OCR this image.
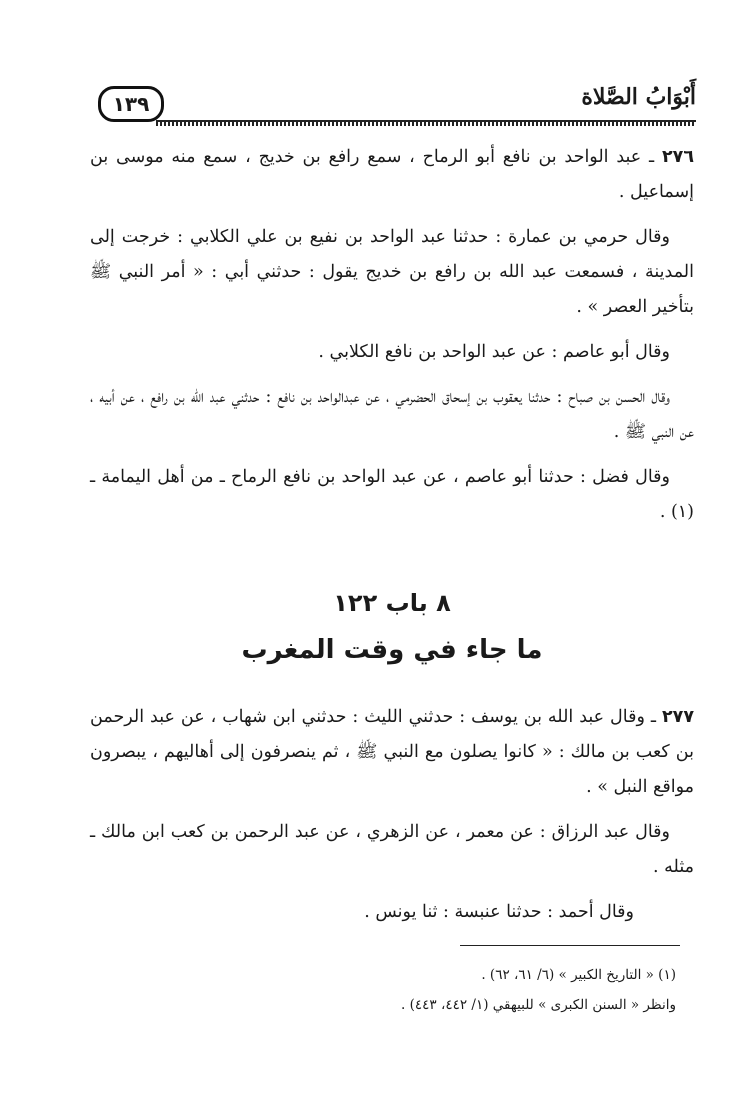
١٣٩	أَبْوَابُ الصَّلاة

٢٧٦ ـ عبد الواحد بن نافع أبو الرماح ، سمع رافع بن خديج ، سمع منه موسى بن إسماعيل .

وقال حرمي بن عمارة : حدثنا عبد الواحد بن نفيع بن علي الكلابي : خرجت إلى المدينة ، فسمعت عبد الله بن رافع بن خديج يقول : حدثني أبي : « أمر النبي ﷺ بتأخير العصر » .

وقال أبو عاصم : عن عبد الواحد بن نافع الكلابي .

وقال الحسن بن صباح : حدثنا يعقوب بن إسحاق الحضرمي ، عن عبدالواحد بن نافع : حدثني عبد الله بن رافع ، عن أبيه ، عن النبي ﷺ .

وقال فضل : حدثنا أبو عاصم ، عن عبد الواحد بن نافع الرماح ـ من أهل اليمامة ـ (١) .

٨ باب ١٢٢
ما جاء في وقت المغرب

٢٧٧ ـ وقال عبد الله بن يوسف : حدثني الليث : حدثني ابن شهاب ، عن عبد الرحمن بن كعب بن مالك : « كانوا يصلون مع النبي ﷺ ، ثم ينصرفون إلى أهاليهم ، يبصرون مواقع النبل » .

وقال عبد الرزاق : عن معمر ، عن الزهري ، عن عبد الرحمن بن كعب ابن مالك ـ مثله .

وقال أحمد : حدثنا عنبسة : ثنا يونس .

(١) « التاريخ الكبير » (٦/ ٦١، ٦٢) .
وانظر « السنن الكبرى » للبيهقي (١/ ٤٤٢، ٤٤٣) .
